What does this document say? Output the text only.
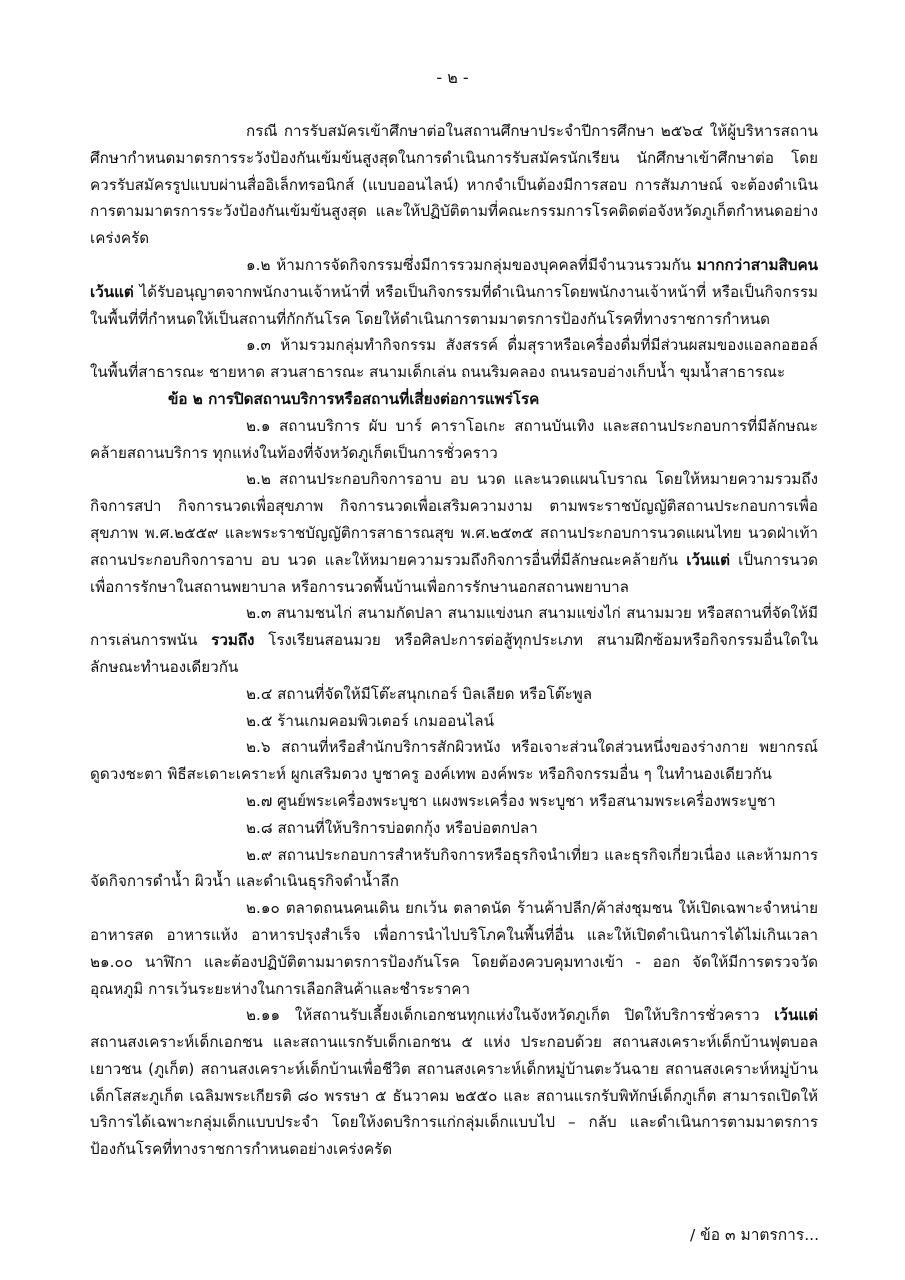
- ๒ -

กรณี การรับสมัครเข้าศึกษาต่อในสถานศึกษาประจำปีการศึกษา ๒๕๖๔ ให้ผู้บริหารสถานศึกษากำหนดมาตรการระวังป้องกันเข้มข้นสูงสุดในการดำเนินการรับสมัครนักเรียน นักศึกษาเข้าศึกษาต่อ โดยควรรับสมัครรูปแบบผ่านสื่ออิเล็กทรอนิกส์ (แบบออนไลน์) หากจำเป็นต้องมีการสอบ การสัมภาษณ์ จะต้องดำเนินการตามมาตรการระวังป้องกันเข้มข้นสูงสุด และให้ปฏิบัติตามที่คณะกรรมการโรคติดต่อจังหวัดภูเก็ตกำหนดอย่างเคร่งครัด

๑.๒ ห้ามการจัดกิจกรรมซึ่งมีการรวมกลุ่มของบุคคลที่มีจำนวนรวมกัน มากกว่าสามสิบคน เว้นแต่ ได้รับอนุญาตจากพนักงานเจ้าหน้าที่ หรือเป็นกิจกรรมที่ดำเนินการโดยพนักงานเจ้าหน้าที่ หรือเป็นกิจกรรมในพื้นที่ที่กำหนดให้เป็นสถานที่กักกันโรค โดยให้ดำเนินการตามมาตรการป้องกันโรคที่ทางราชการกำหนด

๑.๓ ห้ามรวมกลุ่มทำกิจกรรม สังสรรค์ ดื่มสุราหรือเครื่องดื่มที่มีส่วนผสมของแอลกอฮอล์ในพื้นที่สาธารณะ ชายหาด สวนสาธารณะ สนามเด็กเล่น ถนนริมคลอง ถนนรอบอ่างเก็บน้ำ ขุมน้ำสาธารณะ

ข้อ ๒ การปิดสถานบริการหรือสถานที่เสี่ยงต่อการแพร่โรค

๒.๑ สถานบริการ ผับ บาร์ คาราโอเกะ สถานบันเทิง และสถานประกอบการที่มีลักษณะคล้ายสถานบริการ ทุกแห่งในท้องที่จังหวัดภูเก็ตเป็นการชั่วคราว

๒.๒ สถานประกอบกิจการอาบ อบ นวด และนวดแผนโบราณ โดยให้หมายความรวมถึงกิจการสปา กิจการนวดเพื่อสุขภาพ กิจการนวดเพื่อเสริมความงาม ตามพระราชบัญญัติสถานประกอบการเพื่อสุขภาพ พ.ศ.๒๕๕๙ และพระราชบัญญัติการสาธารณสุข พ.ศ.๒๕๓๕ สถานประกอบการนวดแผนไทย นวดฝ่าเท้า สถานประกอบกิจการอาบ อบ นวด และให้หมายความรวมถึงกิจการอื่นที่มีลักษณะคล้ายกัน เว้นแต่ เป็นการนวดเพื่อการรักษาในสถานพยาบาล หรือการนวดพื้นบ้านเพื่อการรักษานอกสถานพยาบาล

๒.๓ สนามชนไก่ สนามกัดปลา สนามแข่งนก สนามแข่งไก่ สนามมวย หรือสถานที่จัดให้มีการเล่นการพนัน รวมถึง โรงเรียนสอนมวย หรือศิลปะการต่อสู้ทุกประเภท สนามฝึกซ้อมหรือกิจกรรมอื่นใดในลักษณะทำนองเดียวกัน

๒.๔ สถานที่จัดให้มีโต๊ะสนุกเกอร์ บิลเลียด หรือโต๊ะพูล

๒.๕ ร้านเกมคอมพิวเตอร์ เกมออนไลน์

๒.๖ สถานที่หรือสำนักบริการสักผิวหนัง หรือเจาะส่วนใดส่วนหนึ่งของร่างกาย พยากรณ์ดูดวงชะตา พิธีสะเดาะเคราะห์ ผูกเสริมดวง บูชาครู องค์เทพ องค์พระ หรือกิจกรรมอื่น ๆ ในทำนองเดียวกัน

๒.๗ ศูนย์พระเครื่องพระบูชา แผงพระเครื่อง พระบูชา หรือสนามพระเครื่องพระบูชา

๒.๘ สถานที่ให้บริการบ่อตกกุ้ง หรือบ่อตกปลา

๒.๙ สถานประกอบการสำหรับกิจการหรือธุรกิจนำเที่ยว และธุรกิจเกี่ยวเนื่อง และห้ามการจัดกิจการดำน้ำ ผิวน้ำ และดำเนินธุรกิจดำน้ำลึก

๒.๑๐ ตลาดถนนคนเดิน ยกเว้น ตลาดนัด ร้านค้าปลีก/ค้าส่งชุมชน ให้เปิดเฉพาะจำหน่ายอาหารสด อาหารแห้ง อาหารปรุงสำเร็จ เพื่อการนำไปบริโภคในพื้นที่อื่น และให้เปิดดำเนินการได้ไม่เกินเวลา ๒๑.๐๐ นาฬิกา และต้องปฏิบัติตามมาตรการป้องกันโรค โดยต้องควบคุมทางเข้า - ออก จัดให้มีการตรวจวัดอุณหภูมิ การเว้นระยะห่างในการเลือกสินค้าและชำระราคา

๒.๑๑ ให้สถานรับเลี้ยงเด็กเอกชนทุกแห่งในจังหวัดภูเก็ต ปิดให้บริการชั่วคราว เว้นแต่ สถานสงเคราะห์เด็กเอกชน และสถานแรกรับเด็กเอกชน ๕ แห่ง ประกอบด้วย สถานสงเคราะห์เด็กบ้านฟุตบอลเยาวชน (ภูเก็ต) สถานสงเคราะห์เด็กบ้านเพื่อชีวิต สถานสงเคราะห์เด็กหมู่บ้านตะวันฉาย สถานสงเคราะห์หมู่บ้านเด็กโสสะภูเก็ต เฉลิมพระเกียรติ ๘๐ พรรษา ๕ ธันวาคม ๒๕๕๐ และ สถานแรกรับพิทักษ์เด็กภูเก็ต สามารถเปิดให้บริการได้เฉพาะกลุ่มเด็กแบบประจำ โดยให้งดบริการแก่กลุ่มเด็กแบบไป – กลับ และดำเนินการตามมาตรการป้องกันโรคที่ทางราชการกำหนดอย่างเคร่งครัด

/ ข้อ ๓ มาตรการ...
